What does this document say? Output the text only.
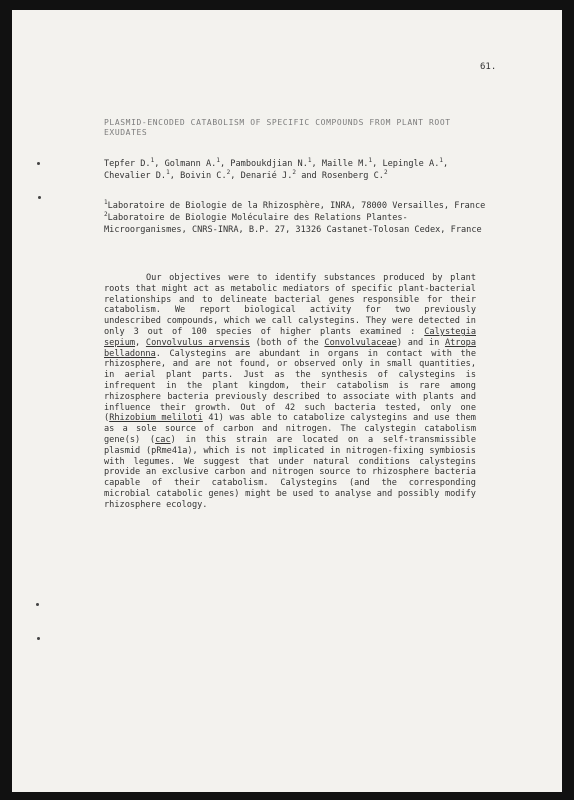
61.
PLASMID-ENCODED CATABOLISM OF SPECIFIC COMPOUNDS FROM PLANT ROOT EXUDATES
Tepfer D.$^1$, Golmann A.$^1$, Pamboukdjian N.$^1$, Maille M.$^1$, Lepingle A.$^1$,
Chevalier D.$^1$, Boivin C.$^2$, Denarié J.$^2$ and Rosenberg C.$^2$

$^1$Laboratoire de Biologie de la Rhizosphère, INRA, 78000 Versailles, France

$^2$Laboratoire de Biologie Moléculaire des Relations Plantes-Microorganismes, CNRS-INRA, B.P. 27, 31326 Castanet-Tolosan Cedex, France

Our objectives were to identify substances produced by plant roots that might act as metabolic mediators of specific plant-bacterial relationships and to delineate bacterial genes responsible for their catabolism. We report biological activity for two previously undescribed compounds, which we call calystegins. They were detected in only 3 out of 100 species of higher plants examined : Calystegia sepium, Convolvulus arvensis (both of the Convolvulaceae) and in Atropa belladonna. Calystegins are abundant in organs in contact with the rhizosphere, and are not found, or observed only in small quantities, in aerial plant parts. Just as the synthesis of calystegins is infrequent in the plant kingdom, their catabolism is rare among rhizosphere bacteria previously described to associate with plants and influence their growth. Out of 42 such bacteria tested, only one (Rhizobium meliloti 41) was able to catabolize calystegins and use them as a sole source of carbon and nitrogen. The calystegin catabolism gene(s) (cac) in this strain are located on a self-transmissible plasmid (pRme41a), which is not implicated in nitrogen-fixing symbiosis with legumes. We suggest that under natural conditions calystegins provide an exclusive carbon and nitrogen source to rhizosphere bacteria capable of their catabolism. Calystegins (and the corresponding microbial catabolic genes) might be used to analyse and possibly modify rhizosphere ecology.
